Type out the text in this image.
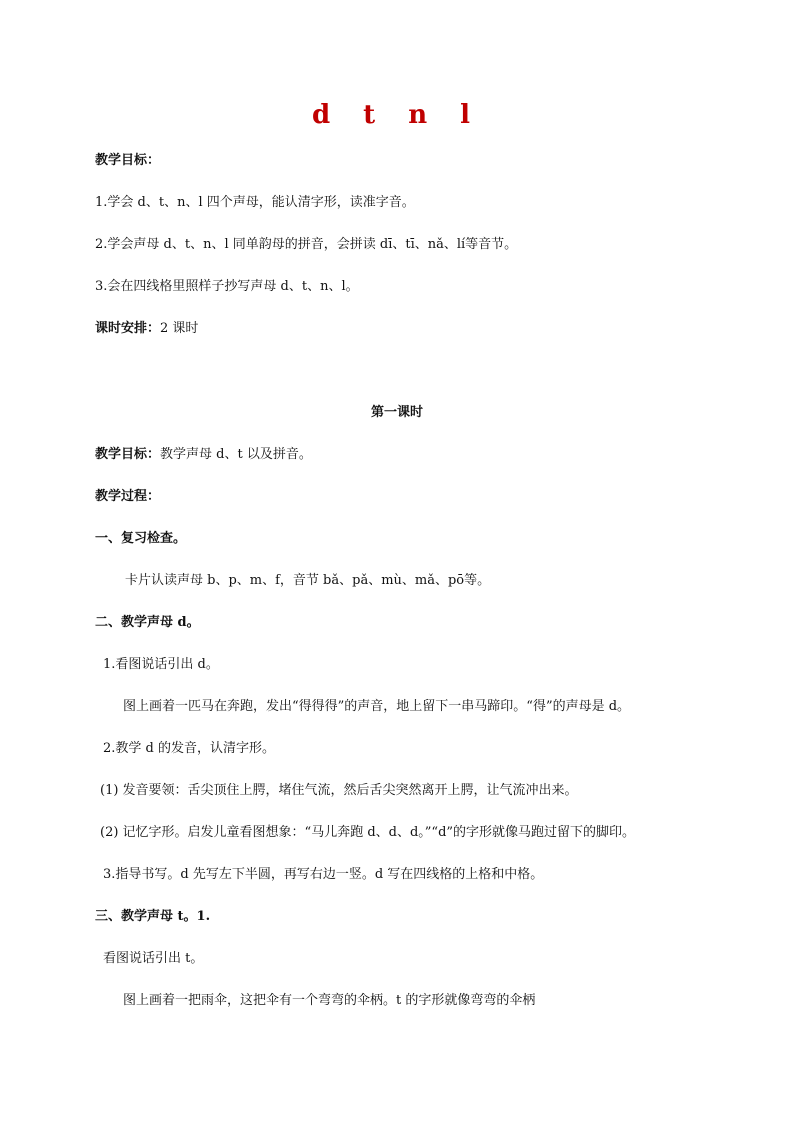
d t n l
教学目标：
1.学会 d、t、n、l 四个声母，能认清字形，读准字音。
2.学会声母 d、t、n、l 同单韵母的拼音，会拼读 dī、tī、nǎ、lí等音节。
3.会在四线格里照样子抄写声母 d、t、n、l。
课时安排：2 课时
第一课时
教学目标：教学声母 d、t 以及拼音。
教学过程：
一、复习检查。
卡片认读声母 b、p、m、f，音节 bǎ、pǎ、mù、mǎ、pō等。
二、教学声母 d。
1.看图说话引出 d。
图上画着一匹马在奔跑，发出“得得得”的声音，地上留下一串马蹄印。“得”的声母是 d。
2.教学 d 的发音，认清字形。
(1) 发音要领：舌尖顶住上腭，堵住气流，然后舌尖突然离开上腭，让气流冲出来。
(2) 记忆字形。启发儿童看图想象：“马儿奔跑 d、d、d。”“d”的字形就像马跑过留下的脚印。
3.指导书写。d 先写左下半圆，再写右边一竖。d 写在四线格的上格和中格。
三、教学声母 t。1.
看图说话引出 t。
图上画着一把雨伞，这把伞有一个弯弯的伞柄。t 的字形就像弯弯的伞柄
